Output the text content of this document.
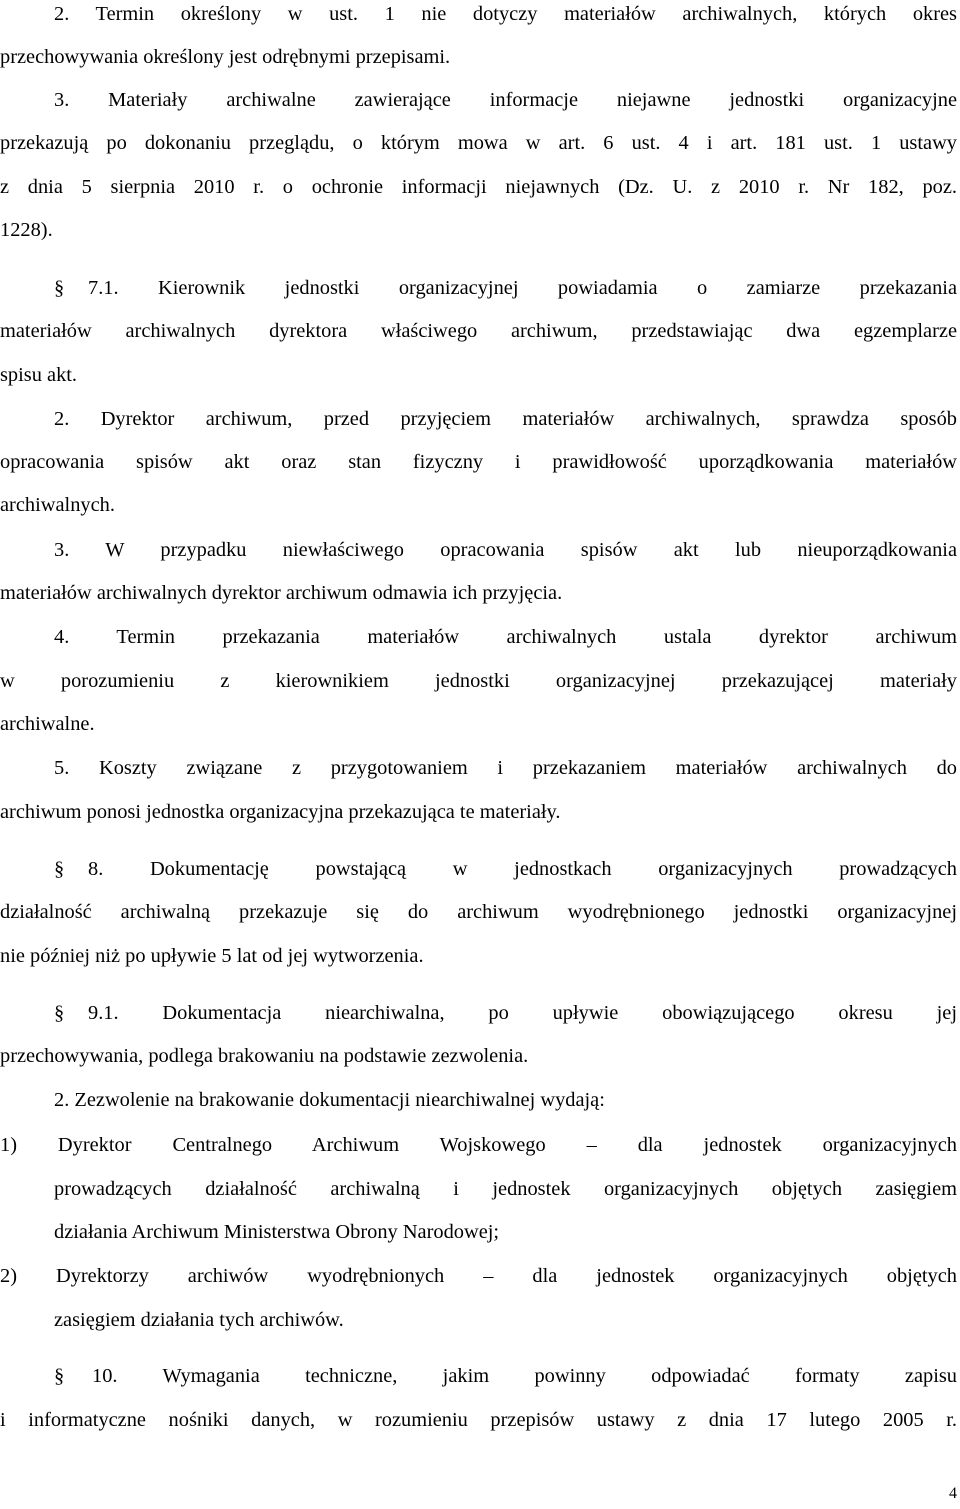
2. Termin określony w ust. 1 nie dotyczy materiałów archiwalnych, których okres
przechowywania określony jest odrębnymi przepisami.
3. Materiały archiwalne zawierające informacje niejawne jednostki organizacyjne
przekazują po dokonaniu przeglądu, o którym mowa w art. 6 ust. 4 i art. 181 ust. 1 ustawy
z dnia 5 sierpnia 2010 r. o ochronie informacji niejawnych (Dz. U. z 2010 r. Nr 182, poz.
1228).
§ 7.1. Kierownik jednostki organizacyjnej powiadamia o zamiarze przekazania
materiałów archiwalnych dyrektora właściwego archiwum, przedstawiając dwa egzemplarze
spisu akt.
2. Dyrektor archiwum, przed przyjęciem materiałów archiwalnych, sprawdza sposób
opracowania spisów akt oraz stan fizyczny i prawidłowość uporządkowania materiałów
archiwalnych.
3. W przypadku niewłaściwego opracowania spisów akt lub nieuporządkowania
materiałów archiwalnych dyrektor archiwum odmawia ich przyjęcia.
4. Termin przekazania materiałów archiwalnych ustala dyrektor archiwum
w porozumieniu z kierownikiem jednostki organizacyjnej przekazującej materiały
archiwalne.
5. Koszty związane z przygotowaniem i przekazaniem materiałów archiwalnych do
archiwum ponosi jednostka organizacyjna przekazująca te materiały.
§ 8. Dokumentację powstającą w jednostkach organizacyjnych prowadzących
działalność archiwalną przekazuje się do archiwum wyodrębnionego jednostki organizacyjnej
nie później niż po upływie 5 lat od jej wytworzenia.
§ 9.1. Dokumentacja niearchiwalna, po upływie obowiązującego okresu jej
przechowywania, podlega brakowaniu na podstawie zezwolenia.
2. Zezwolenie na brakowanie dokumentacji niearchiwalnej wydają:
1) Dyrektor Centralnego Archiwum Wojskowego – dla jednostek organizacyjnych
prowadzących działalność archiwalną i jednostek organizacyjnych objętych zasięgiem
działania Archiwum Ministerstwa Obrony Narodowej;
2) Dyrektorzy archiwów wyodrębnionych – dla jednostek organizacyjnych objętych
zasięgiem działania tych archiwów.
§ 10. Wymagania techniczne, jakim powinny odpowiadać formaty zapisu
i informatyczne nośniki danych, w rozumieniu przepisów ustawy z dnia 17 lutego 2005 r.
4
